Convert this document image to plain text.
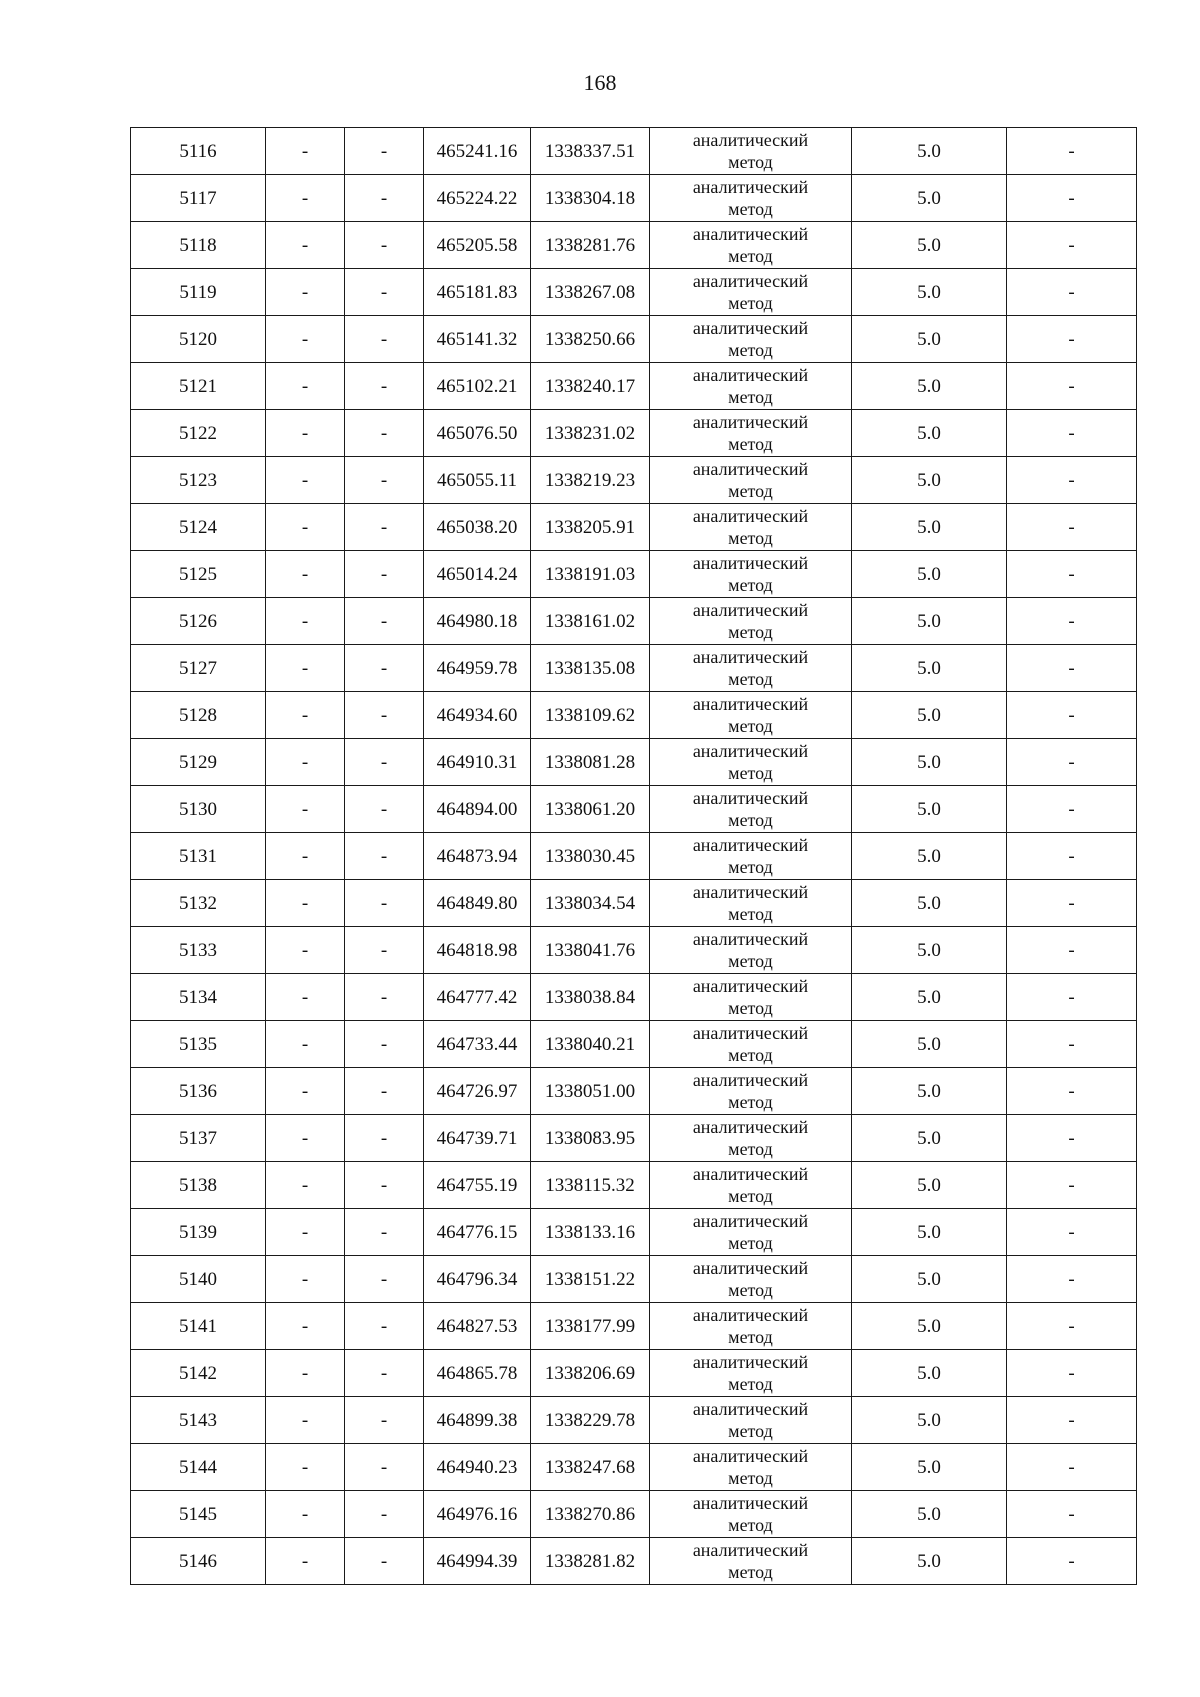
168
5116	-	-	465241.16	1338337.51	аналитический
метод	5.0	-
5117	-	-	465224.22	1338304.18	аналитический
метод	5.0	-
5118	-	-	465205.58	1338281.76	аналитический
метод	5.0	-
5119	-	-	465181.83	1338267.08	аналитический
метод	5.0	-
5120	-	-	465141.32	1338250.66	аналитический
метод	5.0	-
5121	-	-	465102.21	1338240.17	аналитический
метод	5.0	-
5122	-	-	465076.50	1338231.02	аналитический
метод	5.0	-
5123	-	-	465055.11	1338219.23	аналитический
метод	5.0	-
5124	-	-	465038.20	1338205.91	аналитический
метод	5.0	-
5125	-	-	465014.24	1338191.03	аналитический
метод	5.0	-
5126	-	-	464980.18	1338161.02	аналитический
метод	5.0	-
5127	-	-	464959.78	1338135.08	аналитический
метод	5.0	-
5128	-	-	464934.60	1338109.62	аналитический
метод	5.0	-
5129	-	-	464910.31	1338081.28	аналитический
метод	5.0	-
5130	-	-	464894.00	1338061.20	аналитический
метод	5.0	-
5131	-	-	464873.94	1338030.45	аналитический
метод	5.0	-
5132	-	-	464849.80	1338034.54	аналитический
метод	5.0	-
5133	-	-	464818.98	1338041.76	аналитический
метод	5.0	-
5134	-	-	464777.42	1338038.84	аналитический
метод	5.0	-
5135	-	-	464733.44	1338040.21	аналитический
метод	5.0	-
5136	-	-	464726.97	1338051.00	аналитический
метод	5.0	-
5137	-	-	464739.71	1338083.95	аналитический
метод	5.0	-
5138	-	-	464755.19	1338115.32	аналитический
метод	5.0	-
5139	-	-	464776.15	1338133.16	аналитический
метод	5.0	-
5140	-	-	464796.34	1338151.22	аналитический
метод	5.0	-
5141	-	-	464827.53	1338177.99	аналитический
метод	5.0	-
5142	-	-	464865.78	1338206.69	аналитический
метод	5.0	-
5143	-	-	464899.38	1338229.78	аналитический
метод	5.0	-
5144	-	-	464940.23	1338247.68	аналитический
метод	5.0	-
5145	-	-	464976.16	1338270.86	аналитический
метод	5.0	-
5146	-	-	464994.39	1338281.82	аналитический
метод	5.0	-
